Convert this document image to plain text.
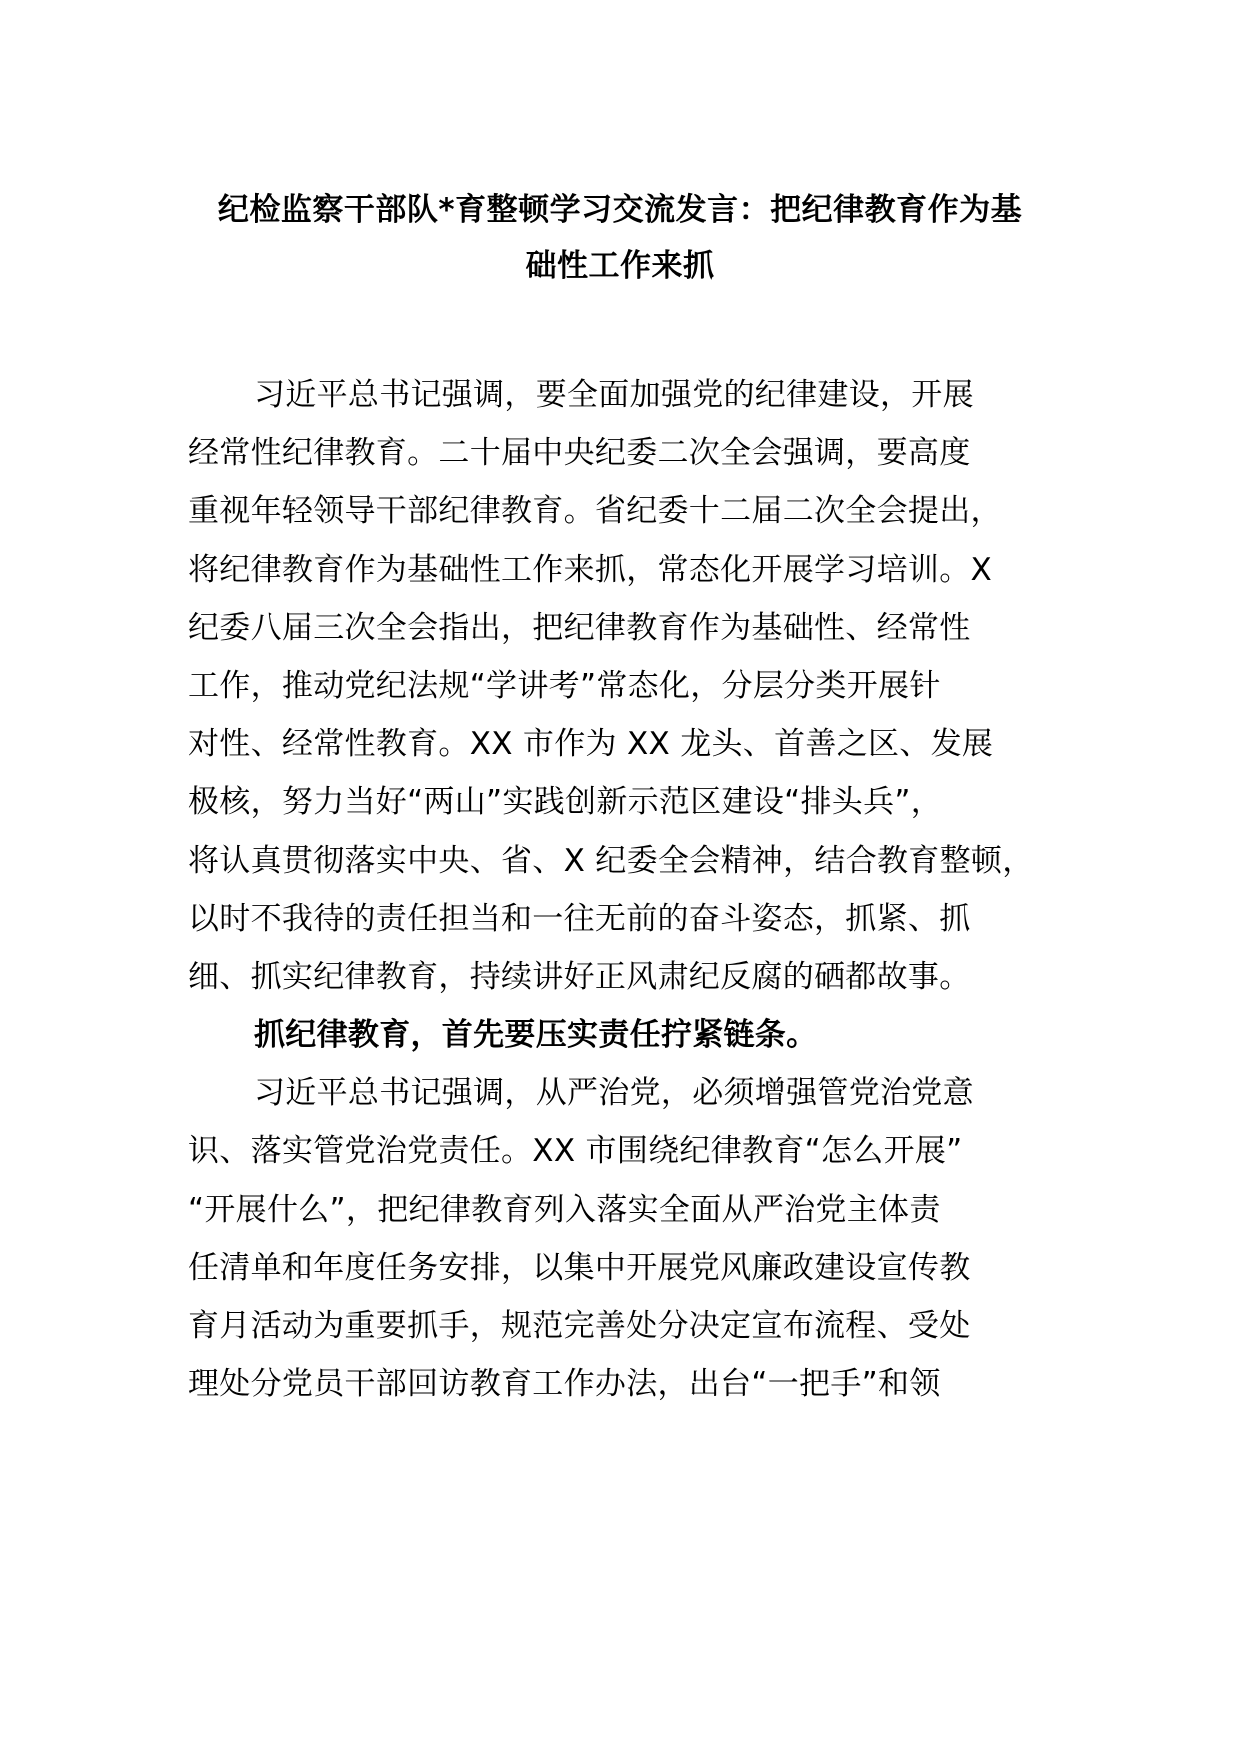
纪检监察干部队*育整顿学习交流发言：把纪律教育作为基
础性工作来抓
习近平总书记强调，要全面加强党的纪律建设，开展
经常性纪律教育。二十届中央纪委二次全会强调，要高度
重视年轻领导干部纪律教育。省纪委十二届二次全会提出，
将纪律教育作为基础性工作来抓，常态化开展学习培训。X
纪委八届三次全会指出，把纪律教育作为基础性、经常性
工作，推动党纪法规“学讲考”常态化，分层分类开展针
对性、经常性教育。XX 市作为 XX 龙头、首善之区、发展
极核，努力当好“两山”实践创新示范区建设“排头兵”，
将认真贯彻落实中央、省、X 纪委全会精神，结合教育整顿，
以时不我待的责任担当和一往无前的奋斗姿态，抓紧、抓
细、抓实纪律教育，持续讲好正风肃纪反腐的硒都故事。
抓纪律教育，首先要压实责任拧紧链条。
习近平总书记强调，从严治党，必须增强管党治党意
识、落实管党治党责任。XX 市围绕纪律教育“怎么开展”
“开展什么”，把纪律教育列入落实全面从严治党主体责
任清单和年度任务安排，以集中开展党风廉政建设宣传教
育月活动为重要抓手，规范完善处分决定宣布流程、受处
理处分党员干部回访教育工作办法，出台“一把手”和领
